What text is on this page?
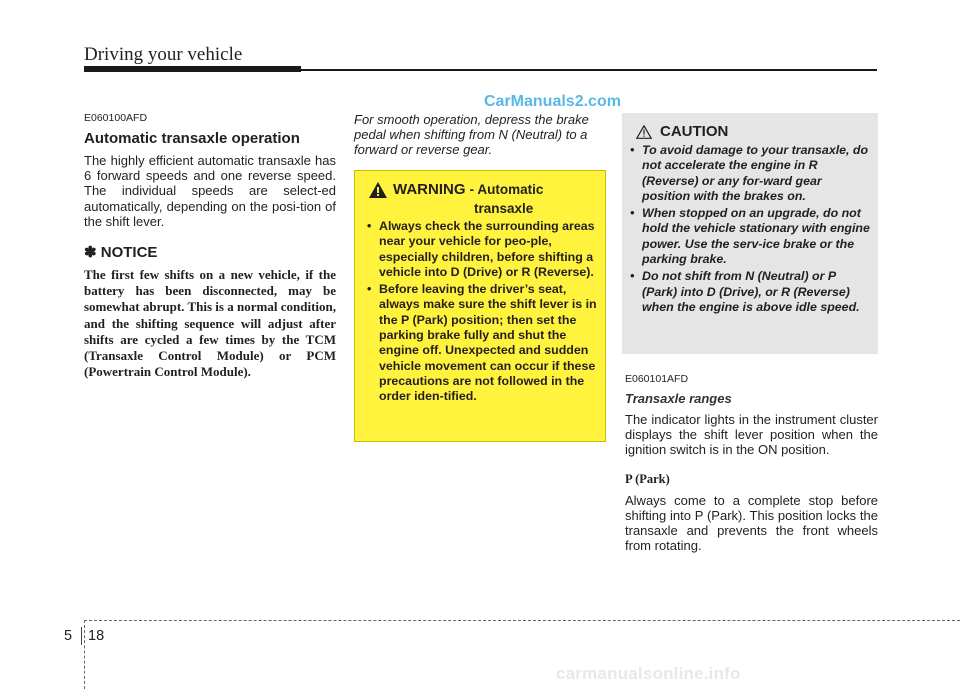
Driving your vehicle
CarManuals2.com
E060100AFD
Automatic transaxle operation
The highly efficient automatic transaxle has 6 forward speeds and one reverse speed. The individual speeds are select-ed automatically, depending on the posi-tion of the shift lever.
✽ NOTICE
The first few shifts on a new vehicle, if the battery has been disconnected, may be somewhat abrupt. This is a normal condition, and the shifting sequence will adjust after shifts are cycled a few times by the TCM (Transaxle Control Module) or PCM (Powertrain Control Module).
For smooth operation, depress the brake pedal when shifting from N (Neutral) to a forward or reverse gear.
WARNING - Automatic
transaxle
• Always check the surrounding areas near your vehicle for peo-ple, especially children, before shifting a vehicle into D (Drive) or R (Reverse).
• Before leaving the driver’s seat, always make sure the shift lever is in the P (Park) position; then set the parking brake fully and shut the engine off. Unexpected and sudden vehicle movement can occur if these precautions are not followed in the order iden-tified.
CAUTION
• To avoid damage to your transaxle, do not accelerate the engine in R (Reverse) or any for-ward gear position with the brakes on.
• When stopped on an upgrade, do not hold the vehicle stationary with engine power. Use the serv-ice brake or the parking brake.
• Do not shift from N (Neutral) or P (Park) into D (Drive), or R (Reverse) when the engine is above idle speed.
E060101AFD
Transaxle ranges
The indicator lights in the instrument cluster displays the shift lever position when the ignition switch is in the ON position.
P (Park)
Always come to a complete stop before shifting into P (Park). This position locks the transaxle and prevents the front wheels from rotating.
5 18
carmanualsonline.info
